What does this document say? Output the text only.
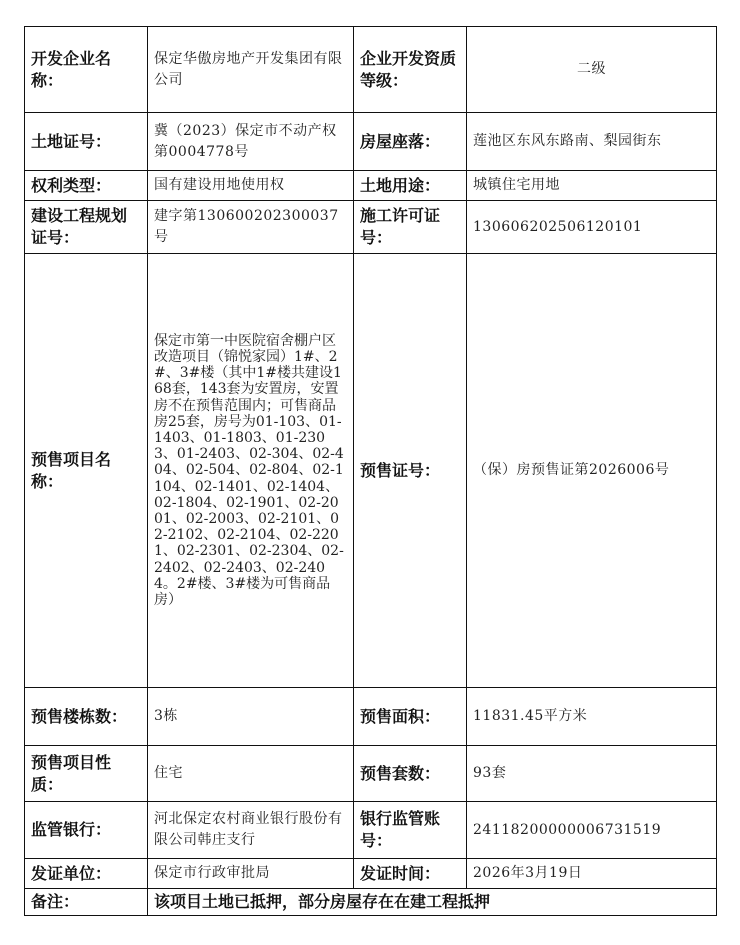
开发企业名称：	保定华傲房地产开发集团有限公司	企业开发资质等级：	二级
土地证号：	冀（2023）保定市不动产权第0004778号	房屋座落：	莲池区东风东路南、梨园街东
权利类型：	国有建设用地使用权	土地用途：	城镇住宅用地
建设工程规划证号：	建字第130600202300037号	施工许可证号：	130606202506120101
预售项目名称：	保定市第一中医院宿舍棚户区改造项目（锦悦家园）1#、2#、3#楼（其中1#楼共建设168套，143套为安置房，安置房不在预售范围内；可售商品房25套，房号为01-103、01-1403、01-1803、01-2303、01-2403、02-304、02-404、02-504、02-804、02-1104、02-1401、02-1404、02-1804、02-1901、02-2001、02-2003、02-2101、02-2102、02-2104、02-2201、02-2301、02-2304、02-2402、02-2403、02-2404。2#楼、3#楼为可售商品房）	预售证号：	（保）房预售证第2026006号
预售楼栋数：	3栋	预售面积：	11831.45平方米
预售项目性质：	住宅	预售套数：	93套
监管银行：	河北保定农村商业银行股份有限公司韩庄支行	银行监管账号：	24118200000006731519
发证单位：	保定市行政审批局	发证时间：	2026年3月19日
备注：	该项目土地已抵押，部分房屋存在在建工程抵押		
